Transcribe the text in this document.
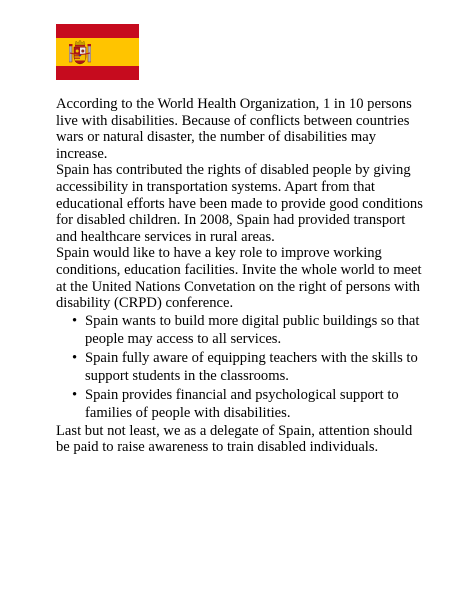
According to the World Health Organization, 1 in 10 persons live with disabilities. Because of conflicts between countries wars or natural disaster, the number of disabilities may increase.

Spain has contributed the rights of disabled people by giving accessibility in transportation systems. Apart from that educational efforts have been made to provide good conditions for disabled children. In 2008, Spain had provided transport and healthcare services in rural areas.

Spain would like to have a key role to improve working conditions, education facilities. Invite the whole world to meet at the United Nations Convetation on the right of persons with disability (CRPD) conference.

• Spain wants to build more digital public buildings so that people may access to all services.
• Spain fully aware of equipping teachers with the skills to support students in the classrooms.
• Spain provides financial and psychological support to families of people with disabilities.

Last but not least, we as a delegate of Spain, attention should be paid to raise awareness to train disabled individuals.
